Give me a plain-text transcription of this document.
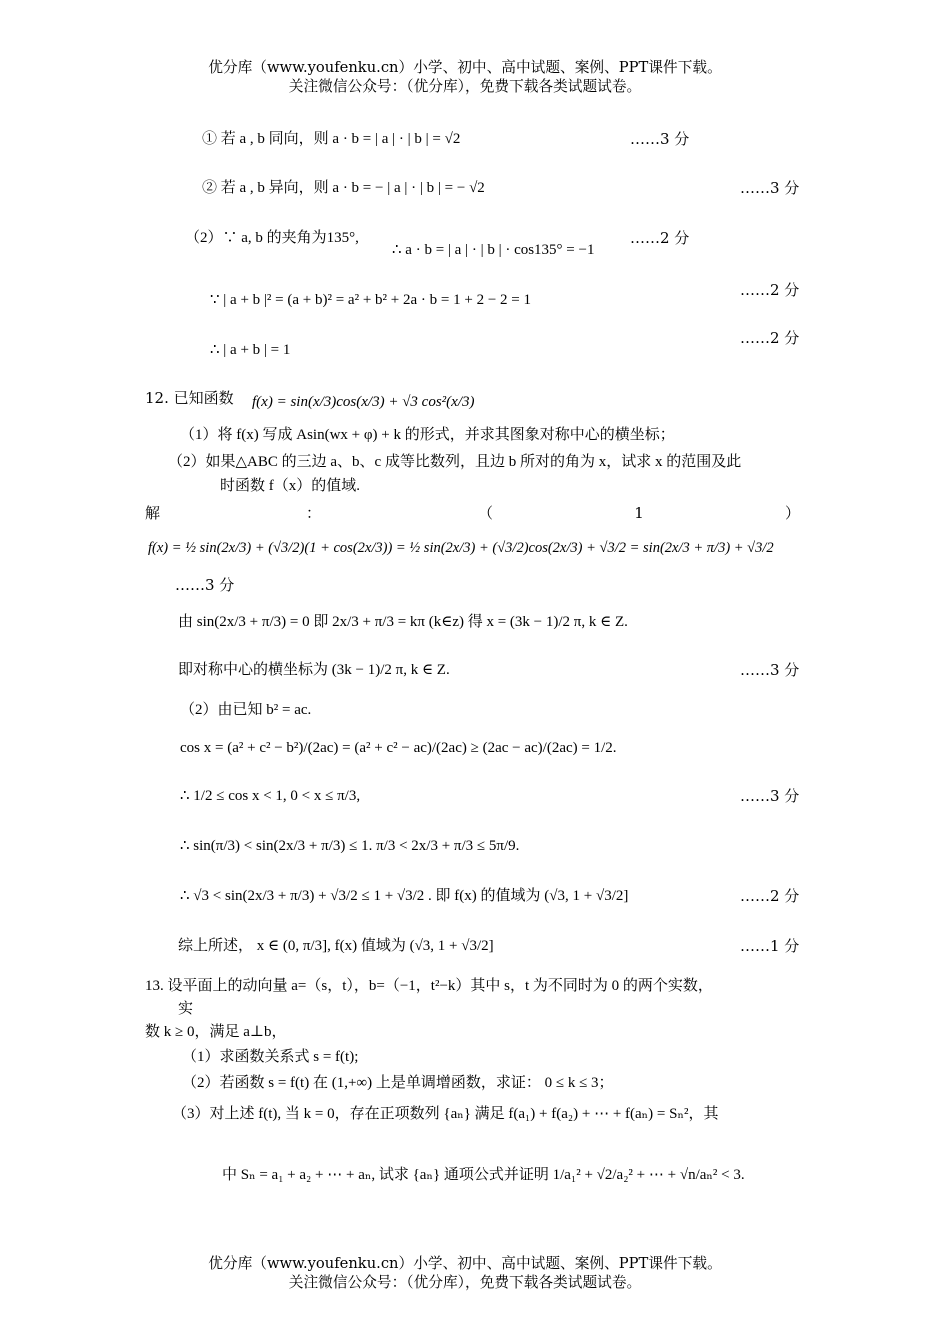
优分库（www.youfenku.cn）小学、初中、高中试题、案例、PPT课件下载。
关注微信公众号：（优分库），免费下载各类试题试卷。
① 若 a , b 同向，则 a · b = | a | · | b | = √2	……3 分
② 若 a , b 异向，则 a · b = − | a | · | b | = − √2	……3 分
（2）∵ a, b 的夹角为135°,
∴ a · b = | a | · | b | · cos135° = −1
……2 分
∵ | a + b |² = (a + b)² = a² + b² + 2a · b = 1 + 2 − 2 = 1
……2 分
∴ | a + b | = 1
……2 分
12. 已知函数 f(x) = sin(x/3)cos(x/3) + √3 cos²(x/3)
（1）将 f(x) 写成 Asin(wx + φ) + k 的形式，并求其图象对称中心的横坐标；
（2）如果△ABC 的三边 a、b、c 成等比数列，且边 b 所对的角为 x，试求 x 的范围及此
时函数 f（x）的值域.
解	：	（	1	）
f(x) = ½ sin(2x/3) + (√3/2)(1 + cos(2x/3)) = ½ sin(2x/3) + (√3/2)cos(2x/3) + √3/2 = sin(2x/3 + π/3) + √3/2
……3 分
由 sin(2x/3 + π/3) = 0 即 2x/3 + π/3 = kπ (k∈z) 得 x = (3k − 1)/2 π, k ∈ Z.
即对称中心的横坐标为 (3k − 1)/2 π, k ∈ Z.	……3 分
（2）由已知 b² = ac.
cos x = (a² + c² − b²)/(2ac) = (a² + c² − ac)/(2ac) ≥ (2ac − ac)/(2ac) = 1/2.
∴ 1/2 ≤ cos x < 1, 0 < x ≤ π/3,	……3 分
∴ sin(π/3) < sin(2x/3 + π/3) ≤ 1. π/3 < 2x/3 + π/3 ≤ 5π/9.
∴ √3 < sin(2x/3 + π/3) + √3/2 ≤ 1 + √3/2 . 即 f(x) 的值域为 (√3, 1 + √3/2]	……2 分
综上所述， x ∈ (0, π/3], f(x) 值域为 (√3, 1 + √3/2]	……1 分
13. 设平面上的动向量 a=（s，t），b=（−1，t²−k）其中 s，t 为不同时为 0 的两个实数，
实
数 k ≥ 0，满足 a⊥b，
（1）求函数关系式 s = f(t);
（2）若函数 s = f(t) 在 (1,+∞) 上是单调增函数，求证： 0 ≤ k ≤ 3；
（3）对上述 f(t), 当 k = 0，存在正项数列 {aₙ} 满足 f(a₁) + f(a₂) + ⋯ + f(aₙ) = Sₙ²，其
中 Sₙ = a₁ + a₂ + ⋯ + aₙ, 试求 {aₙ} 通项公式并证明 1/a₁² + √2/a₂² + ⋯ + √n/aₙ² < 3.
优分库（www.youfenku.cn）小学、初中、高中试题、案例、PPT课件下载。
关注微信公众号：（优分库），免费下载各类试题试卷。
